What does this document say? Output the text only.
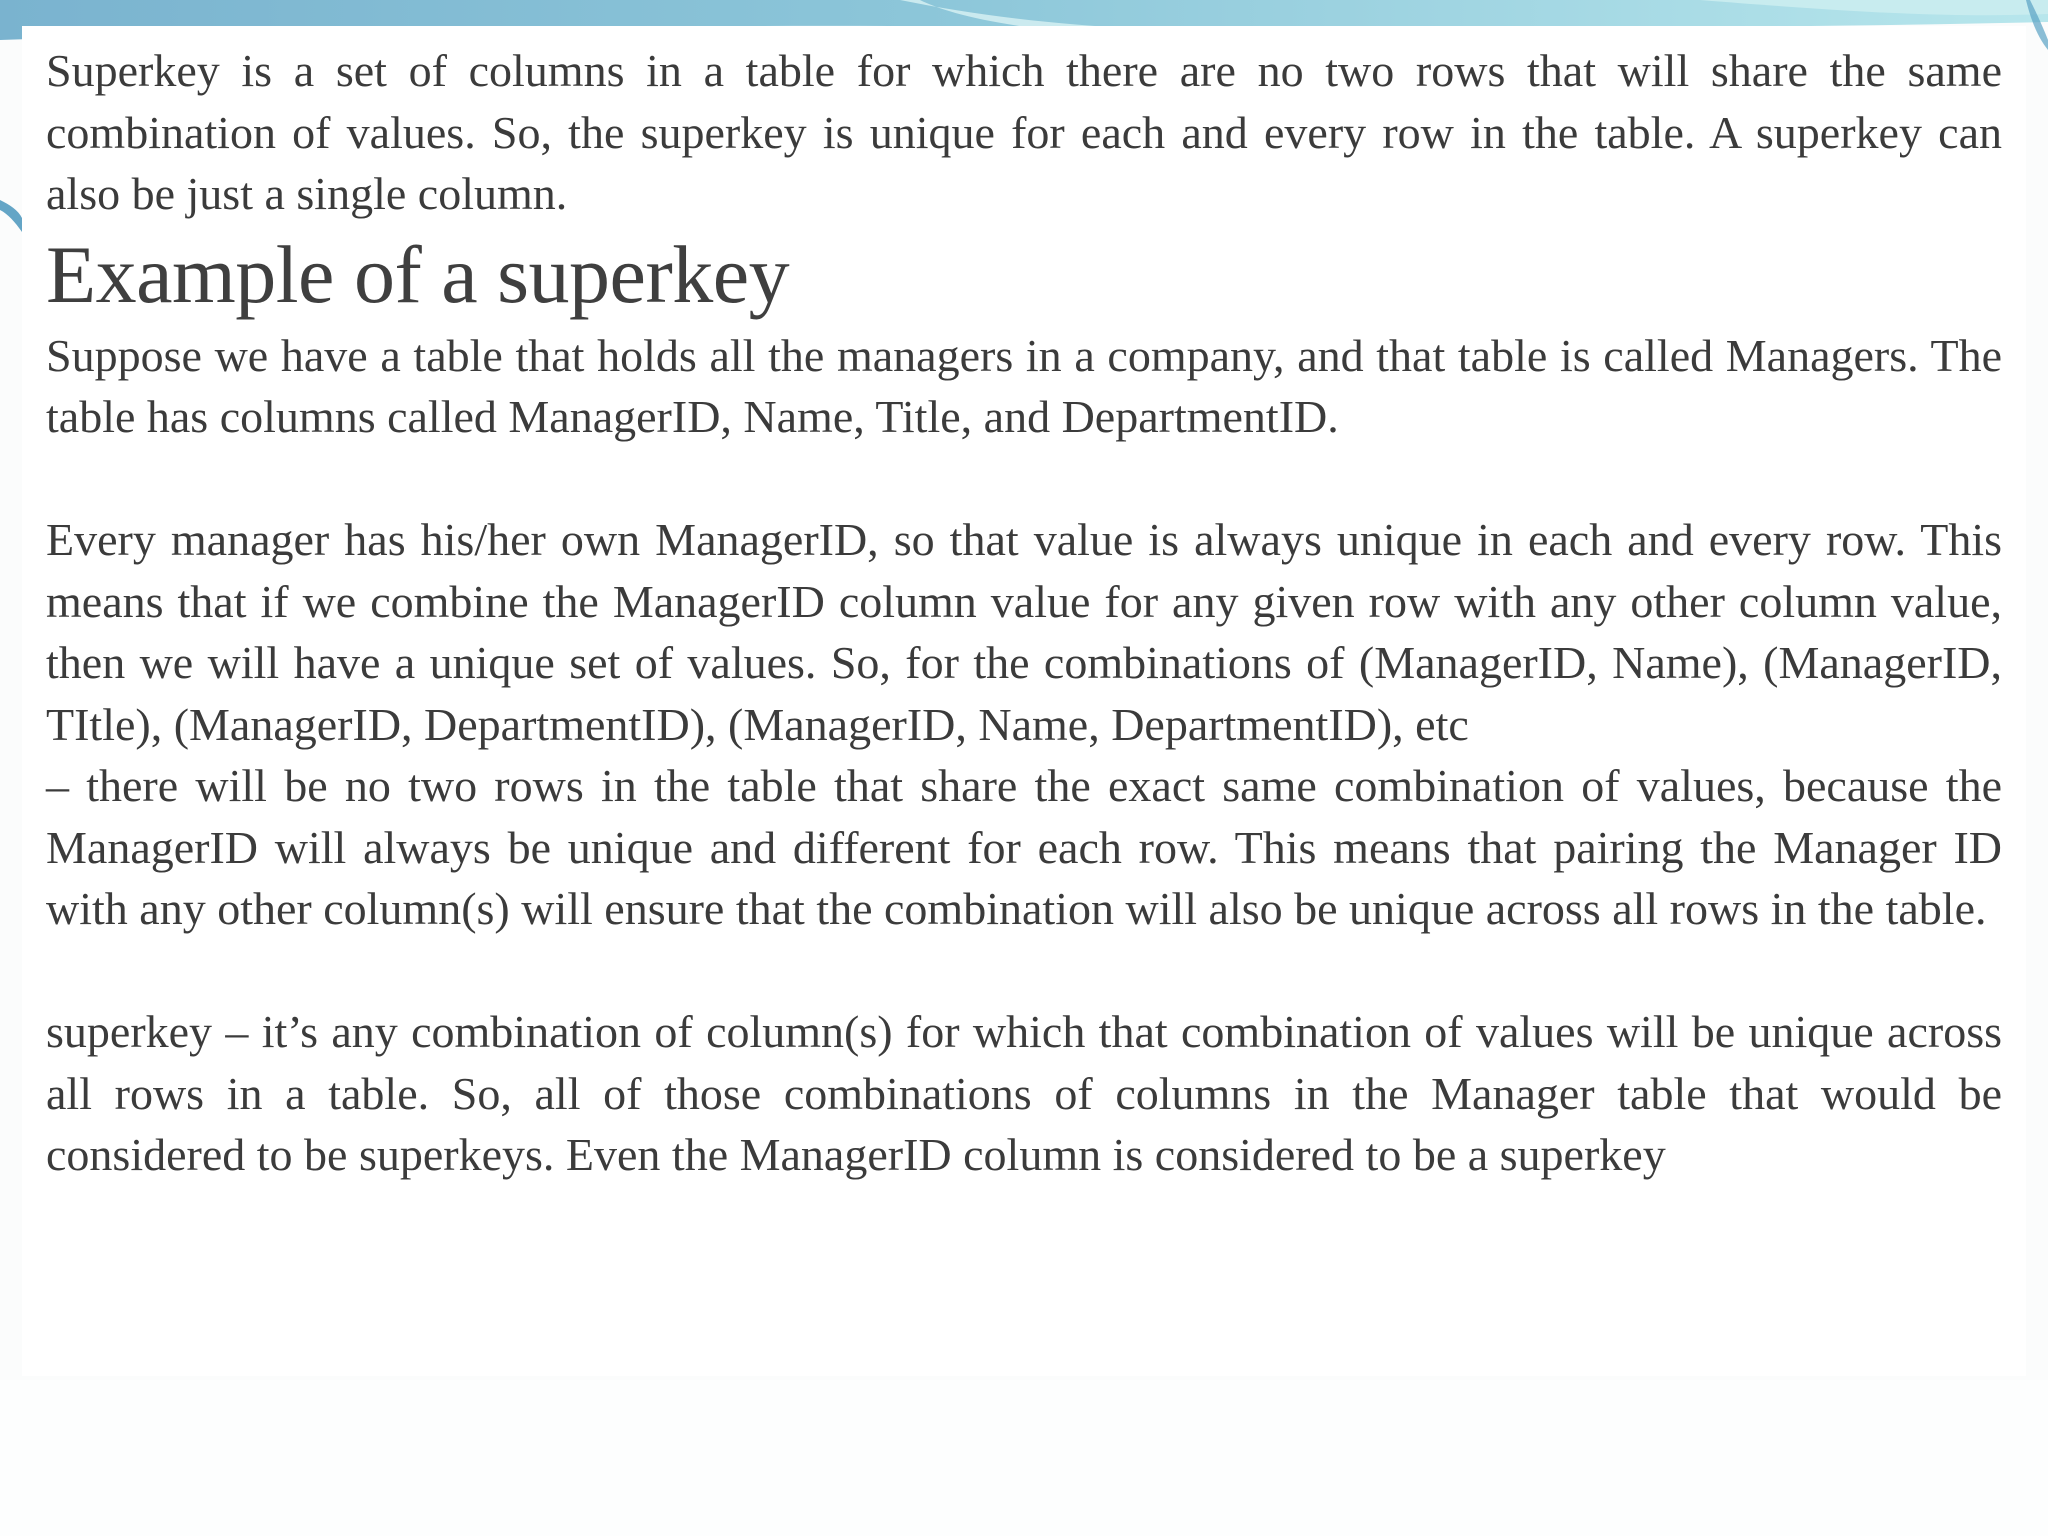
Superkey is a set of columns in a table for which there are no two rows that will share the same combination of values. So, the superkey is unique for each and every row in the table. A superkey can also be just a single column.

Example of a superkey

Suppose we have a table that holds all the managers in a company, and that table is called Managers. The table has columns called ManagerID, Name, Title, and DepartmentID.

Every manager has his/her own ManagerID, so that value is always unique in each and every row. This means that if we combine the ManagerID column value for any given row with any other column value, then we will have a unique set of values. So, for the combinations of (ManagerID, Name), (ManagerID, TItle), (ManagerID, DepartmentID), (ManagerID, Name, DepartmentID), etc

– there will be no two rows in the table that share the exact same combination of values, because the ManagerID will always be unique and different for each row. This means that pairing the Manager ID with any other column(s) will ensure that the combination will also be unique across all rows in the table.

superkey – it’s any combination of column(s) for which that combination of values will be unique across all rows in a table. So, all of those combinations of columns in the Manager table that would be considered to be superkeys. Even the ManagerID column is considered to be a superkey
